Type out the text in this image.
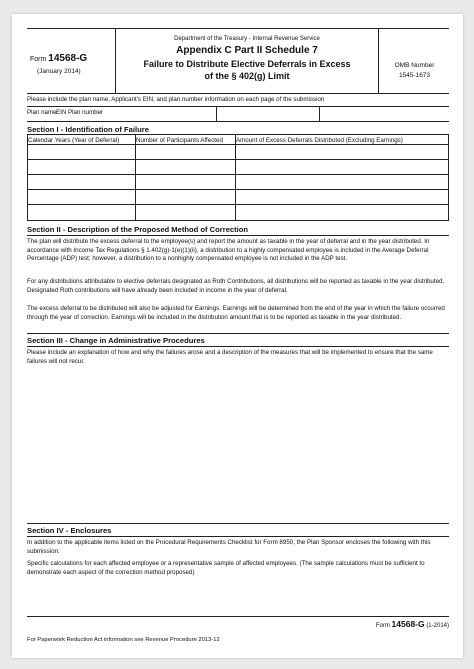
Form 14568-G
(January 2014)
Department of the Treasury - Internal Revenue Service
Appendix C Part II Schedule 7
Failure to Distribute Elective Deferrals in Excess
of the § 402(g) Limit
OMB Number
1545-1673
Please include the plan name, Applicant's EIN, and plan number information on each page of the submission
Plan name EIN Plan number
Section I - Identification of Failure
Calendar Years (Year of Deferral)	Number of Participants Affected Amount of Excess Deferrals Distributed (Excluding Earnings)
Section II - Description of the Proposed Method of Correction
The plan will distribute the excess deferral to the employee(s) and report the amount as taxable in the year of deferral and in the year distributed. In accordance with Income Tax Regulations § 1.402(g)-1(e)(1)(ii), a distribution to a highly compensated employee is included in the Average Deferral Percentage (ADP) test; however, a distribution to a nonhighly compensated employee is not included in the ADP test.
For any distributions attributable to elective deferrals designated as Roth Contributions, all distributions will be reported as taxable in the year distributed. Designated Roth contributions will have already been included in income in the year of deferral.
The excess deferral to be distributed will also be adjusted for Earnings. Earnings will be determined from the end of the year in which the failure occurred through the year of correction. Earnings will be included in the distribution amount that is to be reported as taxable in the year distributed.
Section III - Change in Administrative Procedures
Please include an explanation of how and why the failures arose and a description of the measures that will be implemented to ensure that the same failures will not recur.
Section IV - Enclosures
In addition to the applicable items listed on the Procedural Requirements Checklist for Form 8950, the Plan Sponsor encloses the following with this submission:
Specific calculations for each affected employee or a representative sample of affected employees. (The sample calculations must be sufficient to demonstrate each aspect of the correction method proposed)
Form 14568-G (1-2014)
For Paperwork Reduction Act information see Revenue Procedure 2013-12
